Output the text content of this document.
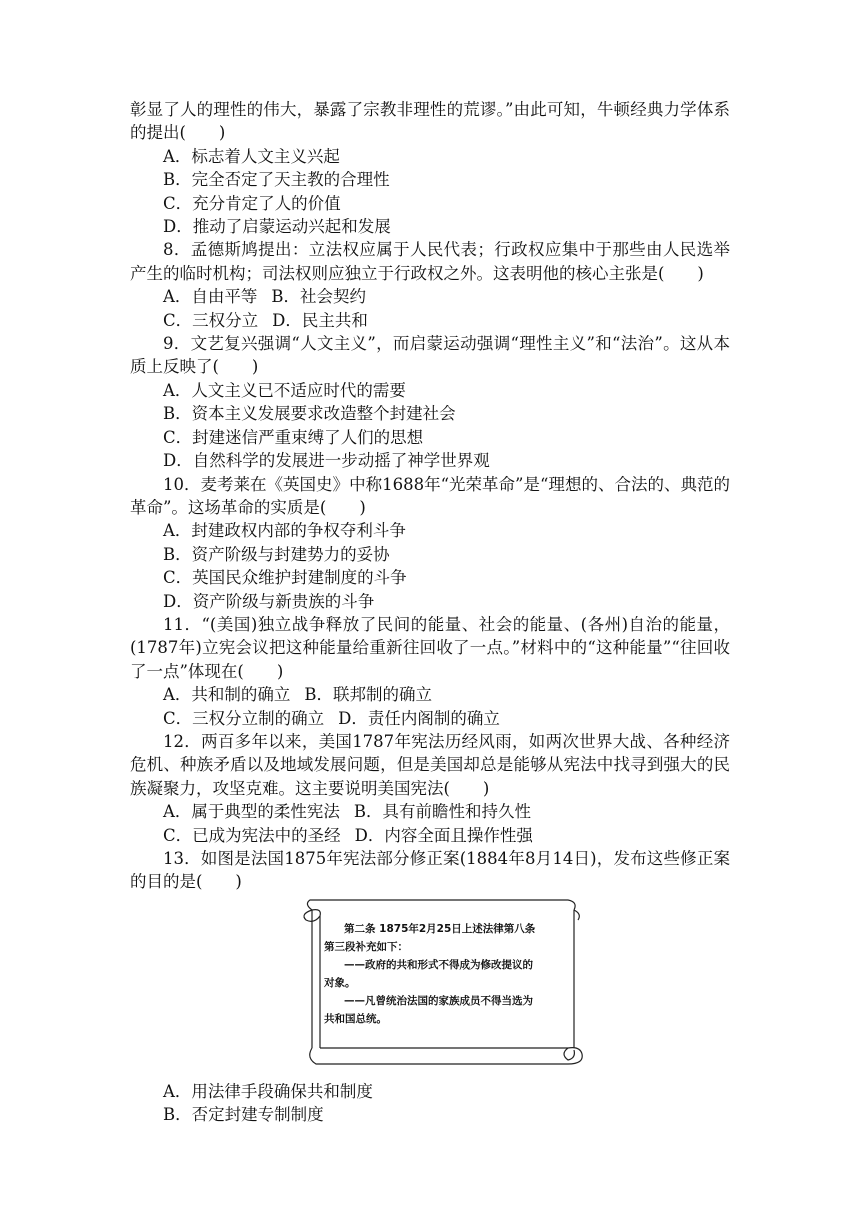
彰显了人的理性的伟大，暴露了宗教非理性的荒谬。”由此可知，牛顿经典力学体系的提出(　　)

A．标志着人文主义兴起

B．完全否定了天主教的合理性

C．充分肯定了人的价值

D．推动了启蒙运动兴起和发展

8．孟德斯鸠提出：立法权应属于人民代表；行政权应集中于那些由人民选举产生的临时机构；司法权则应独立于行政权之外。这表明他的核心主张是(　　)

A．自由平等 B．社会契约

C．三权分立 D．民主共和

9．文艺复兴强调“人文主义”，而启蒙运动强调“理性主义”和“法治”。这从本质上反映了(　　)

A．人文主义已不适应时代的需要

B．资本主义发展要求改造整个封建社会

C．封建迷信严重束缚了人们的思想

D．自然科学的发展进一步动摇了神学世界观

10．麦考莱在《英国史》中称1688年“光荣革命”是“理想的、合法的、典范的革命”。这场革命的实质是(　　)

A．封建政权内部的争权夺利斗争

B．资产阶级与封建势力的妥协

C．英国民众维护封建制度的斗争

D．资产阶级与新贵族的斗争

11．“(美国)独立战争释放了民间的能量、社会的能量、(各州)自治的能量，(1787年)立宪会议把这种能量给重新往回收了一点。”材料中的“这种能量”“往回收了一点”体现在(　　)

A．共和制的确立 B．联邦制的确立

C．三权分立制的确立 D．责任内阁制的确立

12．两百多年以来，美国1787年宪法历经风雨，如两次世界大战、各种经济危机、种族矛盾以及地域发展问题，但是美国却总是能够从宪法中找寻到强大的民族凝聚力，攻坚克难。这主要说明美国宪法(　　)

A．属于典型的柔性宪法 B．具有前瞻性和持久性

C．已成为宪法中的圣经 D．内容全面且操作性强

13．如图是法国1875年宪法部分修正案(1884年8月14日)，发布这些修正案的目的是(　　)

第二条 1875年2月25日上述法律第八条
第三段补充如下：
——政府的共和形式不得成为修改提议的
对象。
——凡曾统治法国的家族成员不得当选为
共和国总统。

A．用法律手段确保共和制度

B．否定封建专制制度
